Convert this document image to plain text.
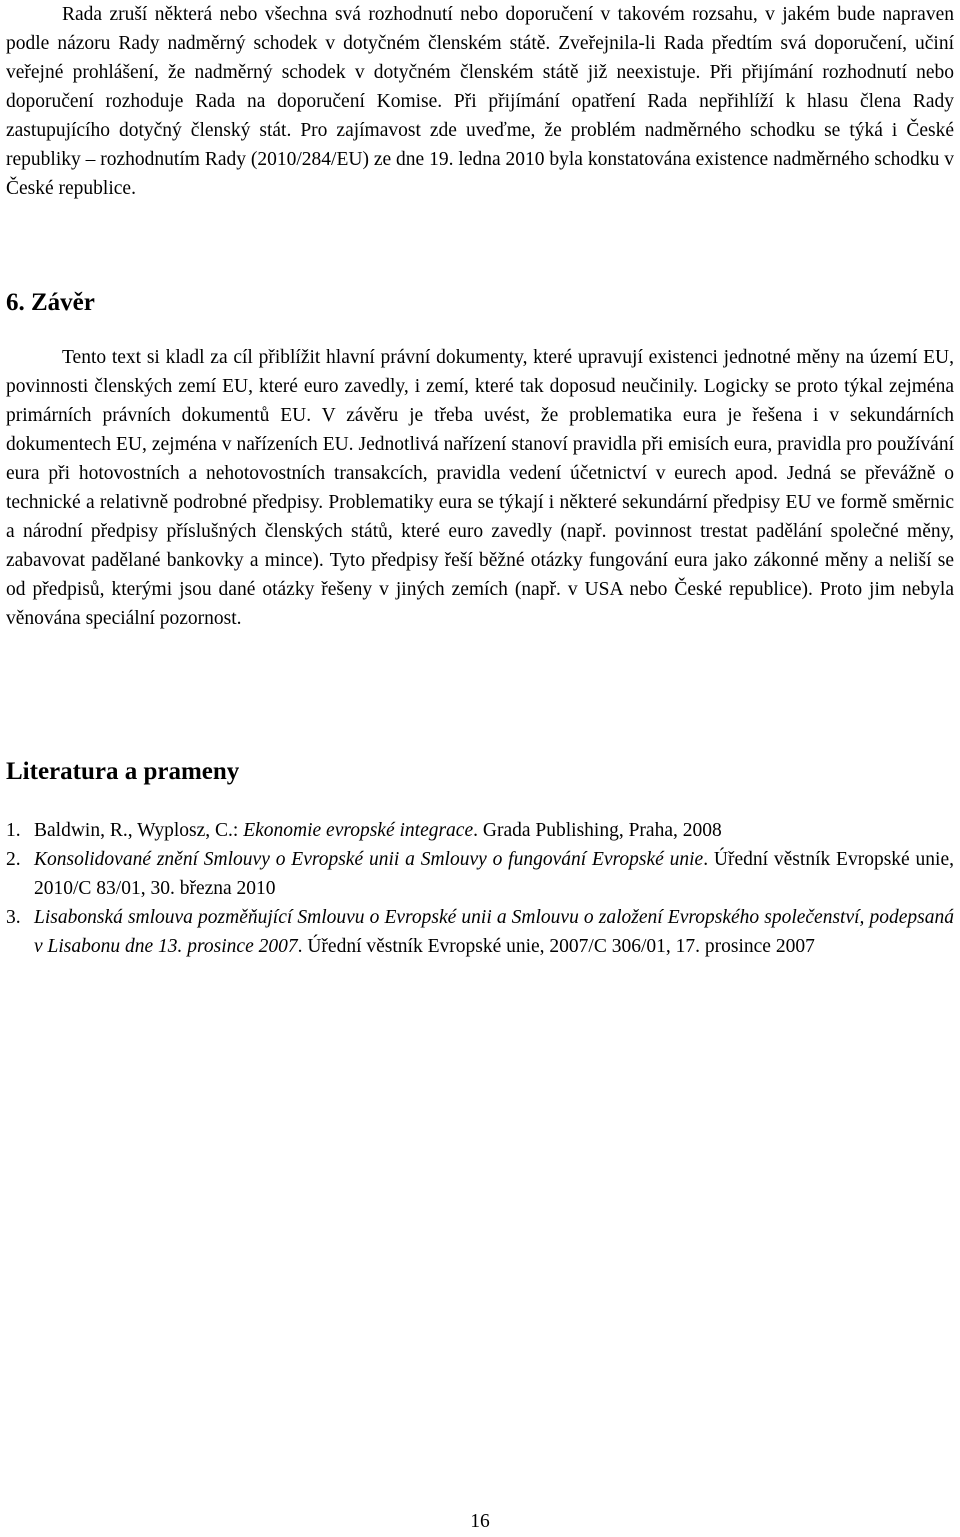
Rada zruší některá nebo všechna svá rozhodnutí nebo doporučení v takovém rozsahu, v jakém bude napraven podle názoru Rady nadměrný schodek v dotyčném členském státě. Zveřejnila-li Rada předtím svá doporučení, učiní veřejné prohlášení, že nadměrný schodek v dotyčném členském státě již neexistuje. Při přijímání rozhodnutí nebo doporučení rozhoduje Rada na doporučení Komise. Při přijímání opatření Rada nepřihlíží k hlasu člena Rady zastupujícího dotyčný členský stát. Pro zajímavost zde uveďme, že problém nadměrného schodku se týká i České republiky – rozhodnutím Rady (2010/284/EU) ze dne 19. ledna 2010 byla konstatována existence nadměrného schodku v České republice.

6. Závěr

Tento text si kladl za cíl přiblížit hlavní právní dokumenty, které upravují existenci jednotné měny na území EU, povinnosti členských zemí EU, které euro zavedly, i zemí, které tak doposud neučinily. Logicky se proto týkal zejména primárních právních dokumentů EU. V závěru je třeba uvést, že problematika eura je řešena i v sekundárních dokumentech EU, zejména v nařízeních EU. Jednotlivá nařízení stanoví pravidla při emisích eura, pravidla pro používání eura při hotovostních a nehotovostních transakcích, pravidla vedení účetnictví v eurech apod. Jedná se převážně o technické a relativně podrobné předpisy. Problematiky eura se týkají i některé sekundární předpisy EU ve formě směrnic a národní předpisy příslušných členských států, které euro zavedly (např. povinnost trestat padělání společné měny, zabavovat padělané bankovky a mince). Tyto předpisy řeší běžné otázky fungování eura jako zákonné měny a neliší se od předpisů, kterými jsou dané otázky řešeny v jiných zemích (např. v USA nebo České republice). Proto jim nebyla věnována speciální pozornost.

Literatura a prameny
1. Baldwin, R., Wyplosz, C.: Ekonomie evropské integrace. Grada Publishing, Praha, 2008
2. Konsolidované znění Smlouvy o Evropské unii a Smlouvy o fungování Evropské unie. Úřední věstník Evropské unie, 2010/C 83/01, 30. března 2010
3. Lisabonská smlouva pozměňující Smlouvu o Evropské unii a Smlouvu o založení Evropského společenství, podepsaná v Lisabonu dne 13. prosince 2007. Úřední věstník Evropské unie, 2007/C 306/01, 17. prosince 2007
16
